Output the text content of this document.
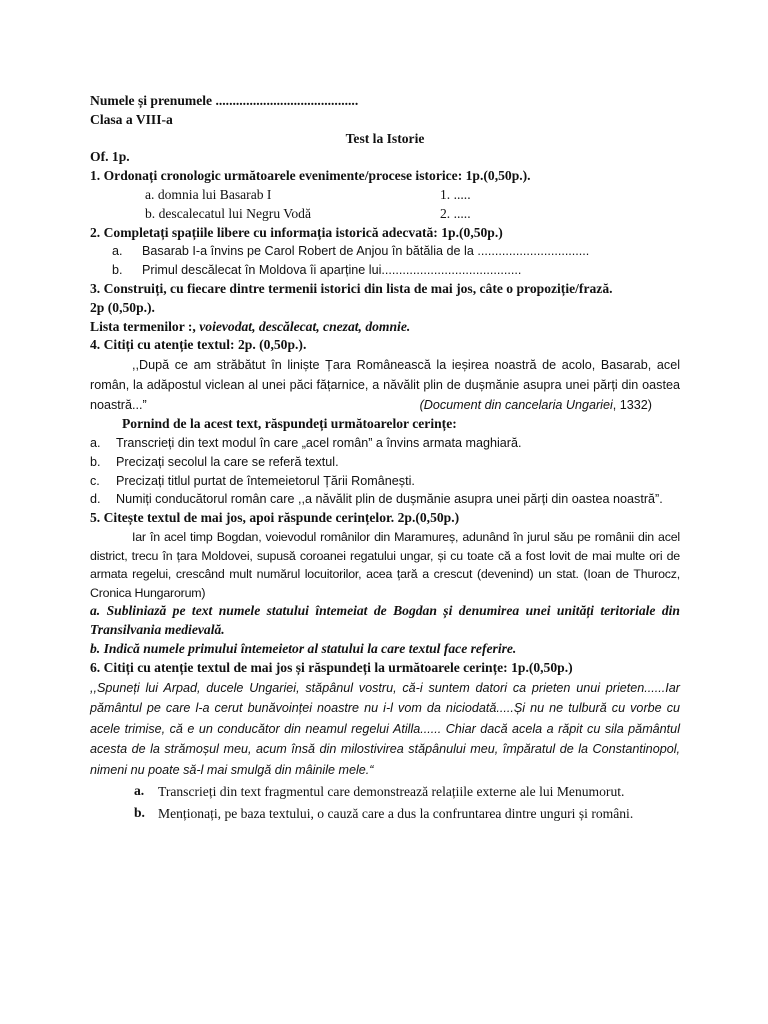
Numele și prenumele ..........................................
Clasa a VIII-a
Test la Istorie
Of. 1p.
1. Ordonați cronologic următoarele evenimente/procese istorice: 1p.(0,50p.).
a. domnia lui Basarab I	1. .....
b. descalecatul lui Negru Vodă	2. .....
2. Completați spațiile libere cu informația istorică adecvată: 1p.(0,50p.)
a.	Basarab I-a învins pe Carol Robert de Anjou în bătălia de la ................................
b.	Primul descălecat în Moldova îi aparține lui........................................
3. Construiți, cu fiecare dintre termenii istorici din lista de mai jos, câte o propoziție/frază.
2p (0,50p.).
Lista termenilor :, voievodat, descălecat, cnezat, domnie.
4. Citiți cu atenție textul: 2p. (0,50p.).
,,După ce am străbătut în liniște Țara Românească la ieșirea noastră de acolo, Basarab, acel român, la adăpostul viclean al unei păci fățarnice, a năvălit plin de dușmănie asupra unei părți din oastea noastră...”	(Document din cancelaria Ungariei, 1332)
Pornind de la acest text, răspundeți următoarelor cerințe:
a.	Transcrieți din text modul în care „acel român” a învins armata maghiară.
b.	Precizați secolul la care se referă textul.
c.	Precizați titlul purtat de întemeietorul Țării Românești.
d.	Numiți conducătorul român care ,,a năvălit plin de dușmănie asupra unei părți din oastea noastră”.
5. Citește textul de mai jos, apoi răspunde cerințelor. 2p.(0,50p.)
Iar în acel timp Bogdan, voievodul românilor din Maramureș, adunând în jurul său pe românii din acel district, trecu în țara Moldovei, supusă coroanei regatului ungar, și cu toate că a fost lovit de mai multe ori de armata regelui, crescând mult numărul locuitorilor, acea țară a crescut (devenind) un stat. (Ioan de Thurocz, Cronica Hungarorum)
a. Subliniază pe text numele statului întemeiat de Bogdan și denumirea unei unități teritoriale din Transilvania medievală.
b. Indică numele primului întemeietor al statului la care textul face referire.
6. Citiți cu atenție textul de mai jos și răspundeți la următoarele cerințe: 1p.(0,50p.)
,,Spuneți lui Arpad, ducele Ungariei, stăpânul vostru, că-i suntem datori ca prieten unui prieten......Iar pământul pe care l-a cerut bunăvoinței noastre nu i-l vom da niciodată.....Și nu ne tulbură cu vorbe cu acele trimise, că e un conducător din neamul regelui Atilla...... Chiar dacă acela a răpit cu sila pământul acesta de la strămoșul meu, acum însă din milostivirea stăpânului meu, împăratul de la Constantinopol, nimeni nu poate să-l mai smulgă din mâinile mele.“
a.	Transcrieți din text fragmentul care demonstrează relațiile externe ale lui Menumorut.
b. Menționați, pe baza textului, o cauză care a dus la confruntarea dintre unguri și români.
